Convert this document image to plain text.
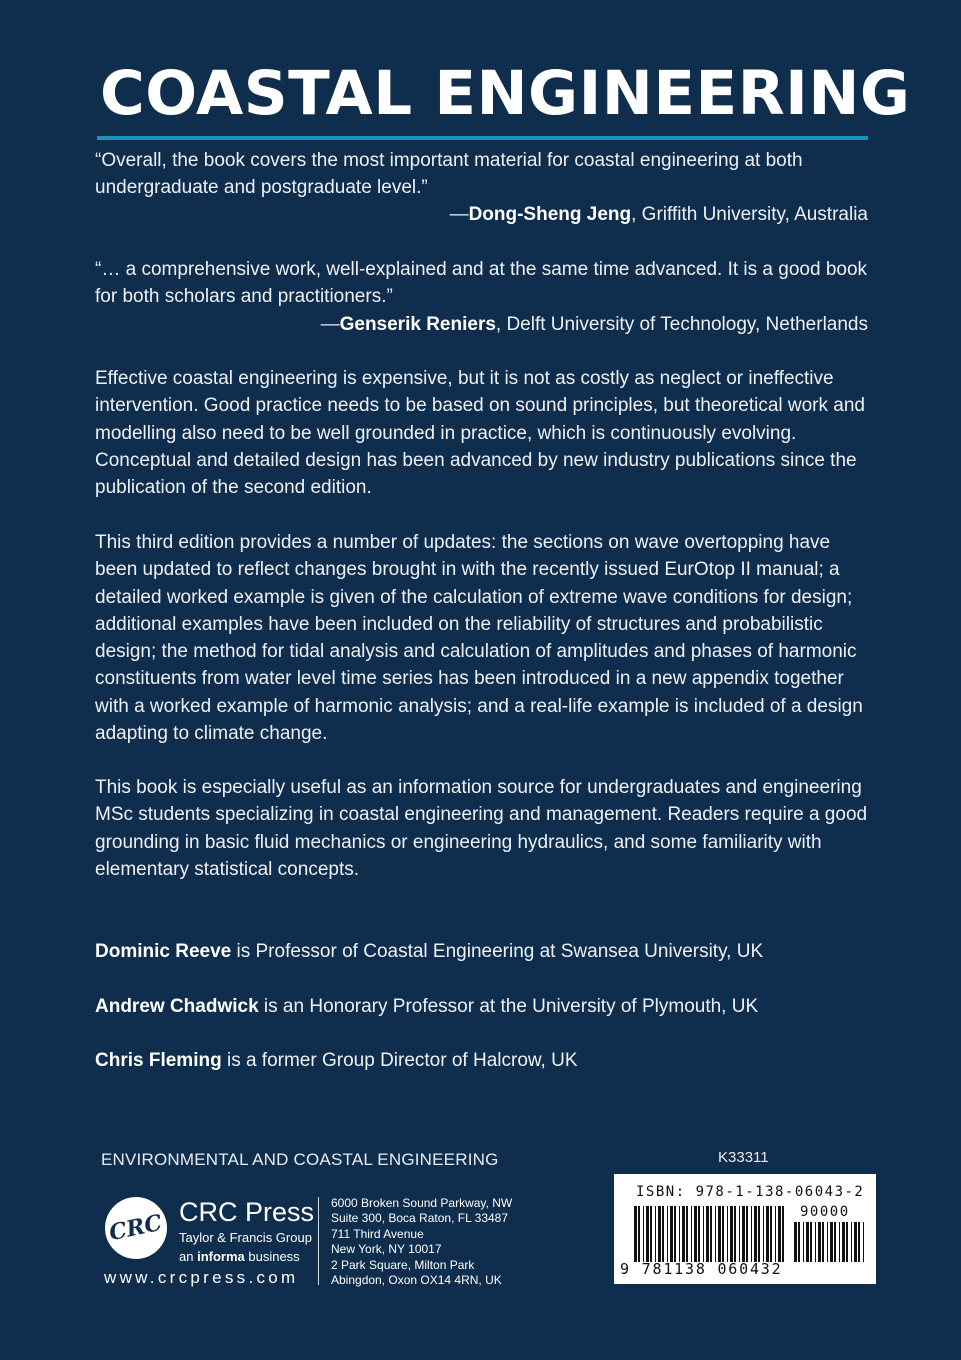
COASTAL ENGINEERING

“Overall, the book covers the most important material for coastal engineering at both undergraduate and postgraduate level.”

—Dong-Sheng Jeng, Griffith University, Australia

“… a comprehensive work, well-explained and at the same time advanced. It is a good book for both scholars and practitioners.”

—Genserik Reniers, Delft University of Technology, Netherlands

Effective coastal engineering is expensive, but it is not as costly as neglect or ineffective intervention. Good practice needs to be based on sound principles, but theoretical work and modelling also need to be well grounded in practice, which is continuously evolving. Conceptual and detailed design has been advanced by new industry publications since the publication of the second edition.

This third edition provides a number of updates: the sections on wave overtopping have been updated to reflect changes brought in with the recently issued EurOtop II manual; a detailed worked example is given of the calculation of extreme wave conditions for design; additional examples have been included on the reliability of structures and probabilistic design; the method for tidal analysis and calculation of amplitudes and phases of harmonic constituents from water level time series has been introduced in a new appendix together with a worked example of harmonic analysis; and a real-life example is included of a design adapting to climate change.

This book is especially useful as an information source for undergraduates and engineering MSc students specializing in coastal engineering and management. Readers require a good grounding in basic fluid mechanics or engineering hydraulics, and some familiarity with elementary statistical concepts.

Dominic Reeve is Professor of Coastal Engineering at Swansea University, UK
Andrew Chadwick is an Honorary Professor at the University of Plymouth, UK
Chris Fleming is a former Group Director of Halcrow, UK
ENVIRONMENTAL AND COASTAL ENGINEERING	K33311
CRC CRC Press
Taylor & Francis Group
an informa business
www.crcpress.com
6000 Broken Sound Parkway, NW
Suite 300, Boca Raton, FL 33487
711 Third Avenue
New York, NY 10017
2 Park Square, Milton Park
Abingdon, Oxon OX14 4RN, UK
ISBN: 978-1-138-06043-2
90000
9 781138 060432
